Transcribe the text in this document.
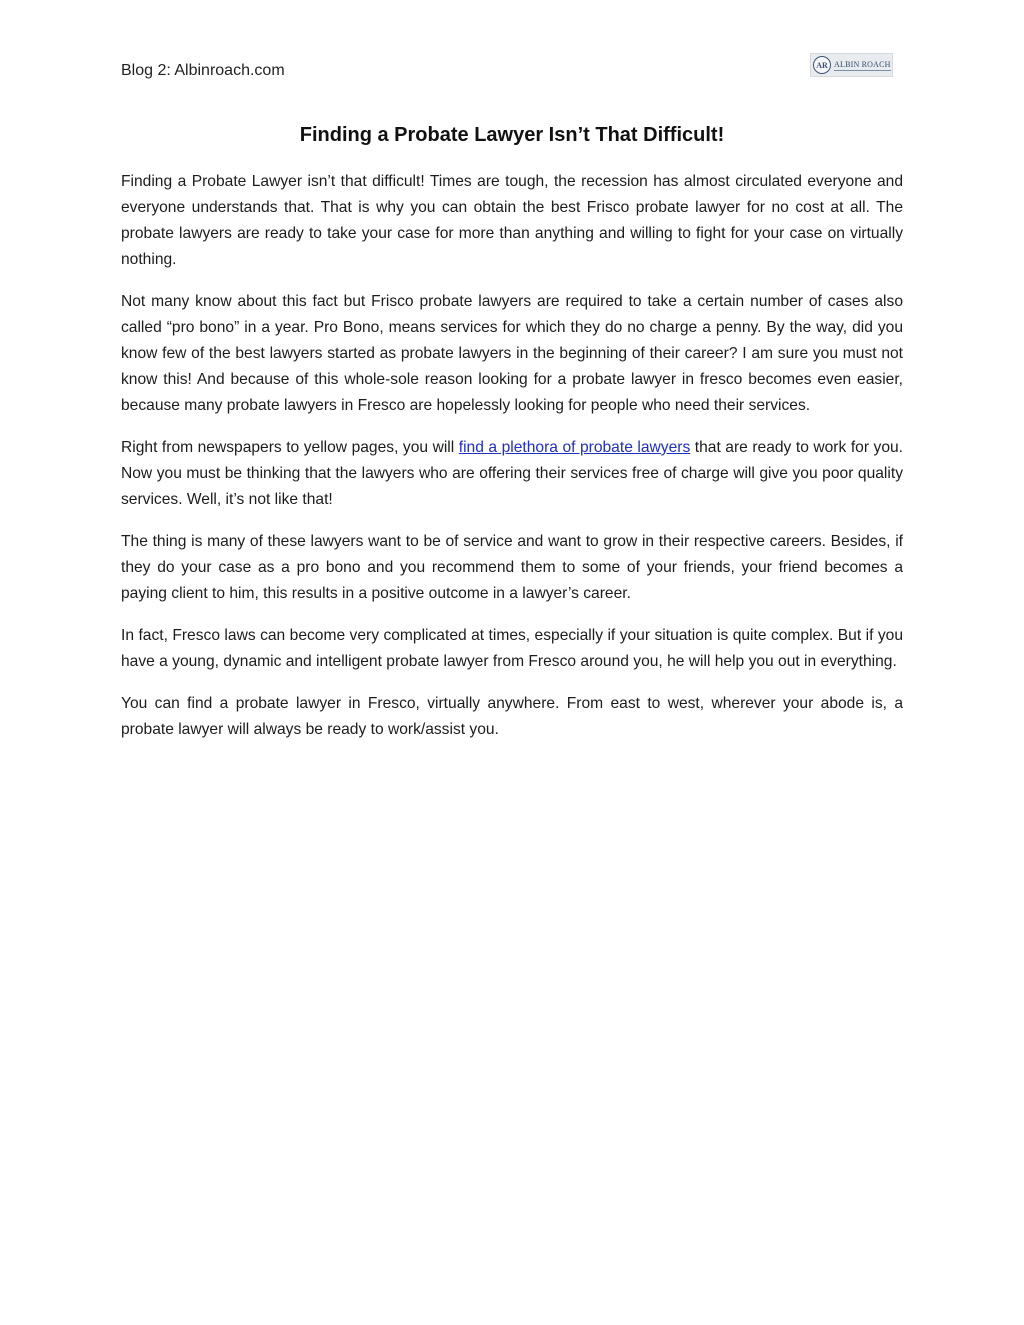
Blog 2: Albinroach.com	AR ALBIN ROACH
Finding a Probate Lawyer Isn’t That Difficult!

Finding a Probate Lawyer isn’t that difficult! Times are tough, the recession has almost circulated everyone and everyone understands that. That is why you can obtain the best Frisco probate lawyer for no cost at all. The probate lawyers are ready to take your case for more than anything and willing to fight for your case on virtually nothing.

Not many know about this fact but Frisco probate lawyers are required to take a certain number of cases also called “pro bono” in a year. Pro Bono, means services for which they do no charge a penny. By the way, did you know few of the best lawyers started as probate lawyers in the beginning of their career? I am sure you must not know this! And because of this whole-sole reason looking for a probate lawyer in fresco becomes even easier, because many probate lawyers in Fresco are hopelessly looking for people who need their services.

Right from newspapers to yellow pages, you will find a plethora of probate lawyers that are ready to work for you. Now you must be thinking that the lawyers who are offering their services free of charge will give you poor quality services. Well, it’s not like that!

The thing is many of these lawyers want to be of service and want to grow in their respective careers. Besides, if they do your case as a pro bono and you recommend them to some of your friends, your friend becomes a paying client to him, this results in a positive outcome in a lawyer’s career.

In fact, Fresco laws can become very complicated at times, especially if your situation is quite complex. But if you have a young, dynamic and intelligent probate lawyer from Fresco around you, he will help you out in everything.

You can find a probate lawyer in Fresco, virtually anywhere. From east to west, wherever your abode is, a probate lawyer will always be ready to work/assist you.
